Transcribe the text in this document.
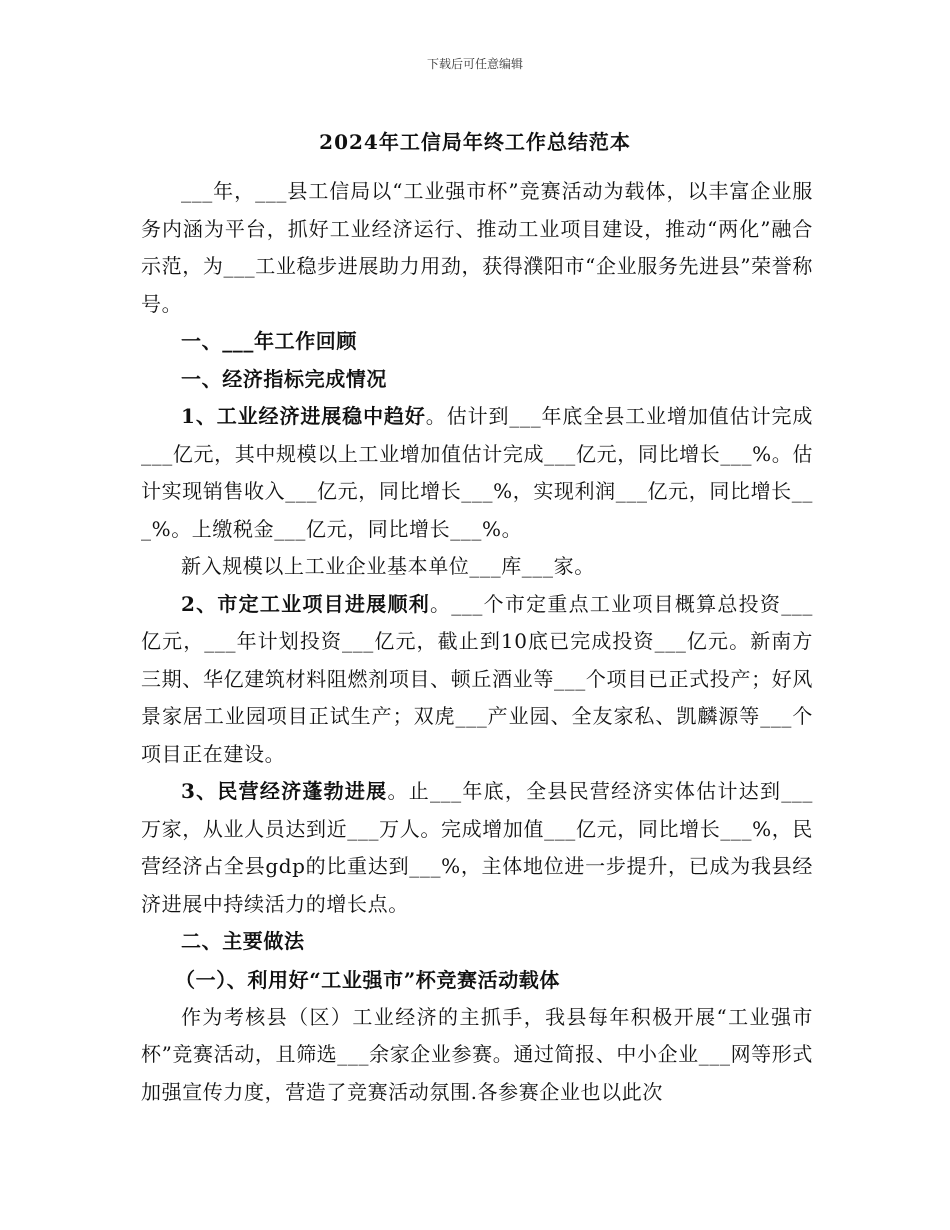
下载后可任意编辑
2024年工信局年终工作总结范本

___年，___县工信局以“工业强市杯”竞赛活动为载体，以丰富企业服务内涵为平台，抓好工业经济运行、推动工业项目建设，推动“两化”融合示范，为___工业稳步进展助力用劲，获得濮阳市“企业服务先进县”荣誉称号。

一、___年工作回顾

一、经济指标完成情况

1、工业经济进展稳中趋好。估计到___年底全县工业增加值估计完成___亿元，其中规模以上工业增加值估计完成___亿元，同比增长___%。估计实现销售收入___亿元，同比增长___%，实现利润___亿元，同比增长___%。上缴税金___亿元，同比增长___%。

新入规模以上工业企业基本单位___库___家。

2、市定工业项目进展顺利。___个市定重点工业项目概算总投资___亿元，___年计划投资___亿元，截止到10底已完成投资___亿元。新南方三期、华亿建筑材料阻燃剂项目、顿丘酒业等___个项目已正式投产；好风景家居工业园项目正试生产；双虎___产业园、全友家私、凯麟源等___个项目正在建设。

3、民营经济蓬勃进展。止___年底，全县民营经济实体估计达到___万家，从业人员达到近___万人。完成增加值___亿元，同比增长___%，民营经济占全县gdp的比重达到___%，主体地位进一步提升，已成为我县经济进展中持续活力的增长点。

二、主要做法

（一）、利用好“工业强市”杯竞赛活动载体

作为考核县（区）工业经济的主抓手，我县每年积极开展“工业强市杯”竞赛活动，且筛选___余家企业参赛。通过简报、中小企业___网等形式加强宣传力度，营造了竞赛活动氛围.各参赛企业也以此次
